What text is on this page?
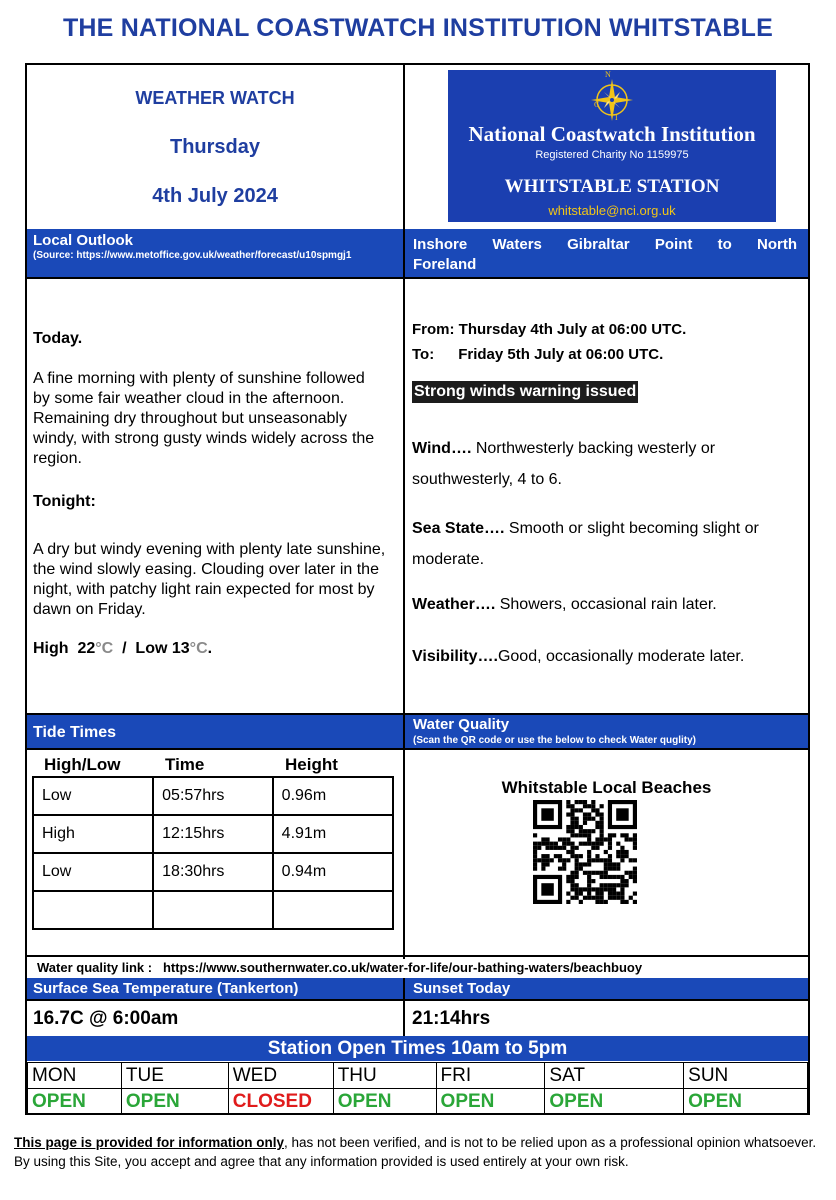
THE NATIONAL COASTWATCH INSTITUTION WHITSTABLE
WEATHER WATCH
Thursday
4th July 2024
N
C
I
National Coastwatch Institution
Registered Charity No 1159975
WHITSTABLE STATION
whitstable@nci.org.uk
Local Outlook
(Source: https://www.metoffice.gov.uk/weather/forecast/u10spmgj1
Inshore Waters Gibraltar Point to North Foreland
Today.
A fine morning with plenty of sunshine followed by some fair weather cloud in the afternoon. Remaining dry throughout but unseasonably windy, with strong gusty winds widely across the region.
Tonight:
A dry but windy evening with plenty late sunshine, the wind slowly easing. Clouding over later in the night, with patchy light rain expected for most by dawn on Friday.
High 22°C / Low 13°C.
From: Thursday 4th July at 06:00 UTC.
To: Friday 5th July at 06:00 UTC.
Strong winds warning issued
Wind…. Northwesterly backing westerly or southwesterly, 4 to 6.
Sea State…. Smooth or slight becoming slight or moderate.
Weather…. Showers, occasional rain later.
Visibility….Good, occasionally moderate later.
Tide Times	Water Quality
(Scan the QR code or use the below to check Water quglity)
High/Low	Time	Height
Low	05:57hrs	0.96m
High	12:15hrs	4.91m
Low	18:30hrs	0.94m

Whitstable Local Beaches
Water quality link : https://www.southernwater.co.uk/water-for-life/our-bathing-waters/beachbuoy
Surface Sea Temperature (Tankerton)	Sunset Today
16.7C @ 6:00am	21:14hrs
Station Open Times 10am to 5pm
MON	TUE	WED	THU	FRI	SAT	SUN
OPEN	OPEN	CLOSED	OPEN	OPEN	OPEN	OPEN
This page is provided for information only, has not been verified, and is not to be relied upon as a professional opinion whatsoever. By using this Site, you accept and agree that any information provided is used entirely at your own risk.
